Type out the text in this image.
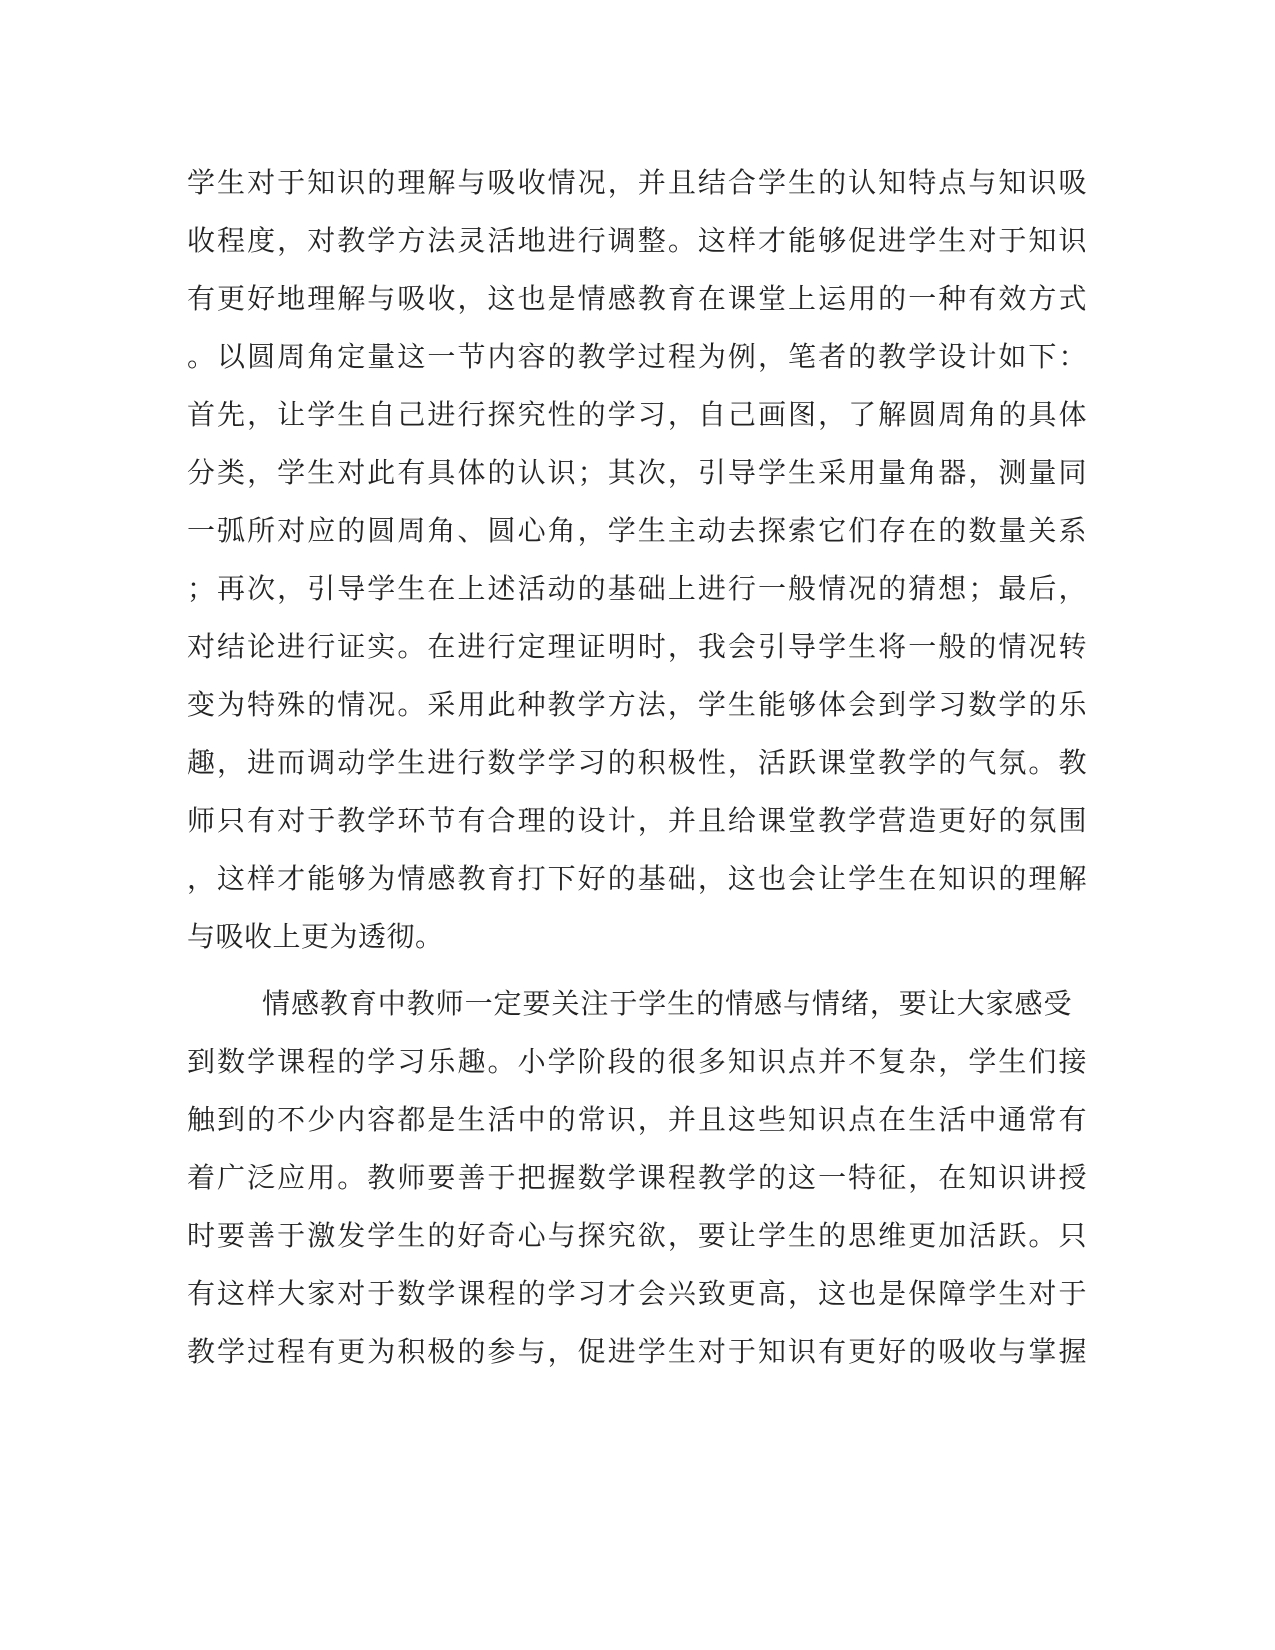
学生对于知识的理解与吸收情况，并且结合学生的认知特点与知识吸
收程度，对教学方法灵活地进行调整。这样才能够促进学生对于知识
有更好地理解与吸收，这也是情感教育在课堂上运用的一种有效方式
。以圆周角定量这一节内容的教学过程为例，笔者的教学设计如下：
首先，让学生自己进行探究性的学习，自己画图，了解圆周角的具体
分类，学生对此有具体的认识；其次，引导学生采用量角器，测量同
一弧所对应的圆周角、圆心角，学生主动去探索它们存在的数量关系
；再次，引导学生在上述活动的基础上进行一般情况的猜想；最后，
对结论进行证实。在进行定理证明时，我会引导学生将一般的情况转
变为特殊的情况。采用此种教学方法，学生能够体会到学习数学的乐
趣，进而调动学生进行数学学习的积极性，活跃课堂教学的气氛。教
师只有对于教学环节有合理的设计，并且给课堂教学营造更好的氛围
，这样才能够为情感教育打下好的基础，这也会让学生在知识的理解
与吸收上更为透彻。
情感教育中教师一定要关注于学生的情感与情绪，要让大家感受
到数学课程的学习乐趣。小学阶段的很多知识点并不复杂，学生们接
触到的不少内容都是生活中的常识，并且这些知识点在生活中通常有
着广泛应用。教师要善于把握数学课程教学的这一特征，在知识讲授
时要善于激发学生的好奇心与探究欲，要让学生的思维更加活跃。只
有这样大家对于数学课程的学习才会兴致更高，这也是保障学生对于
教学过程有更为积极的参与，促进学生对于知识有更好的吸收与掌握
